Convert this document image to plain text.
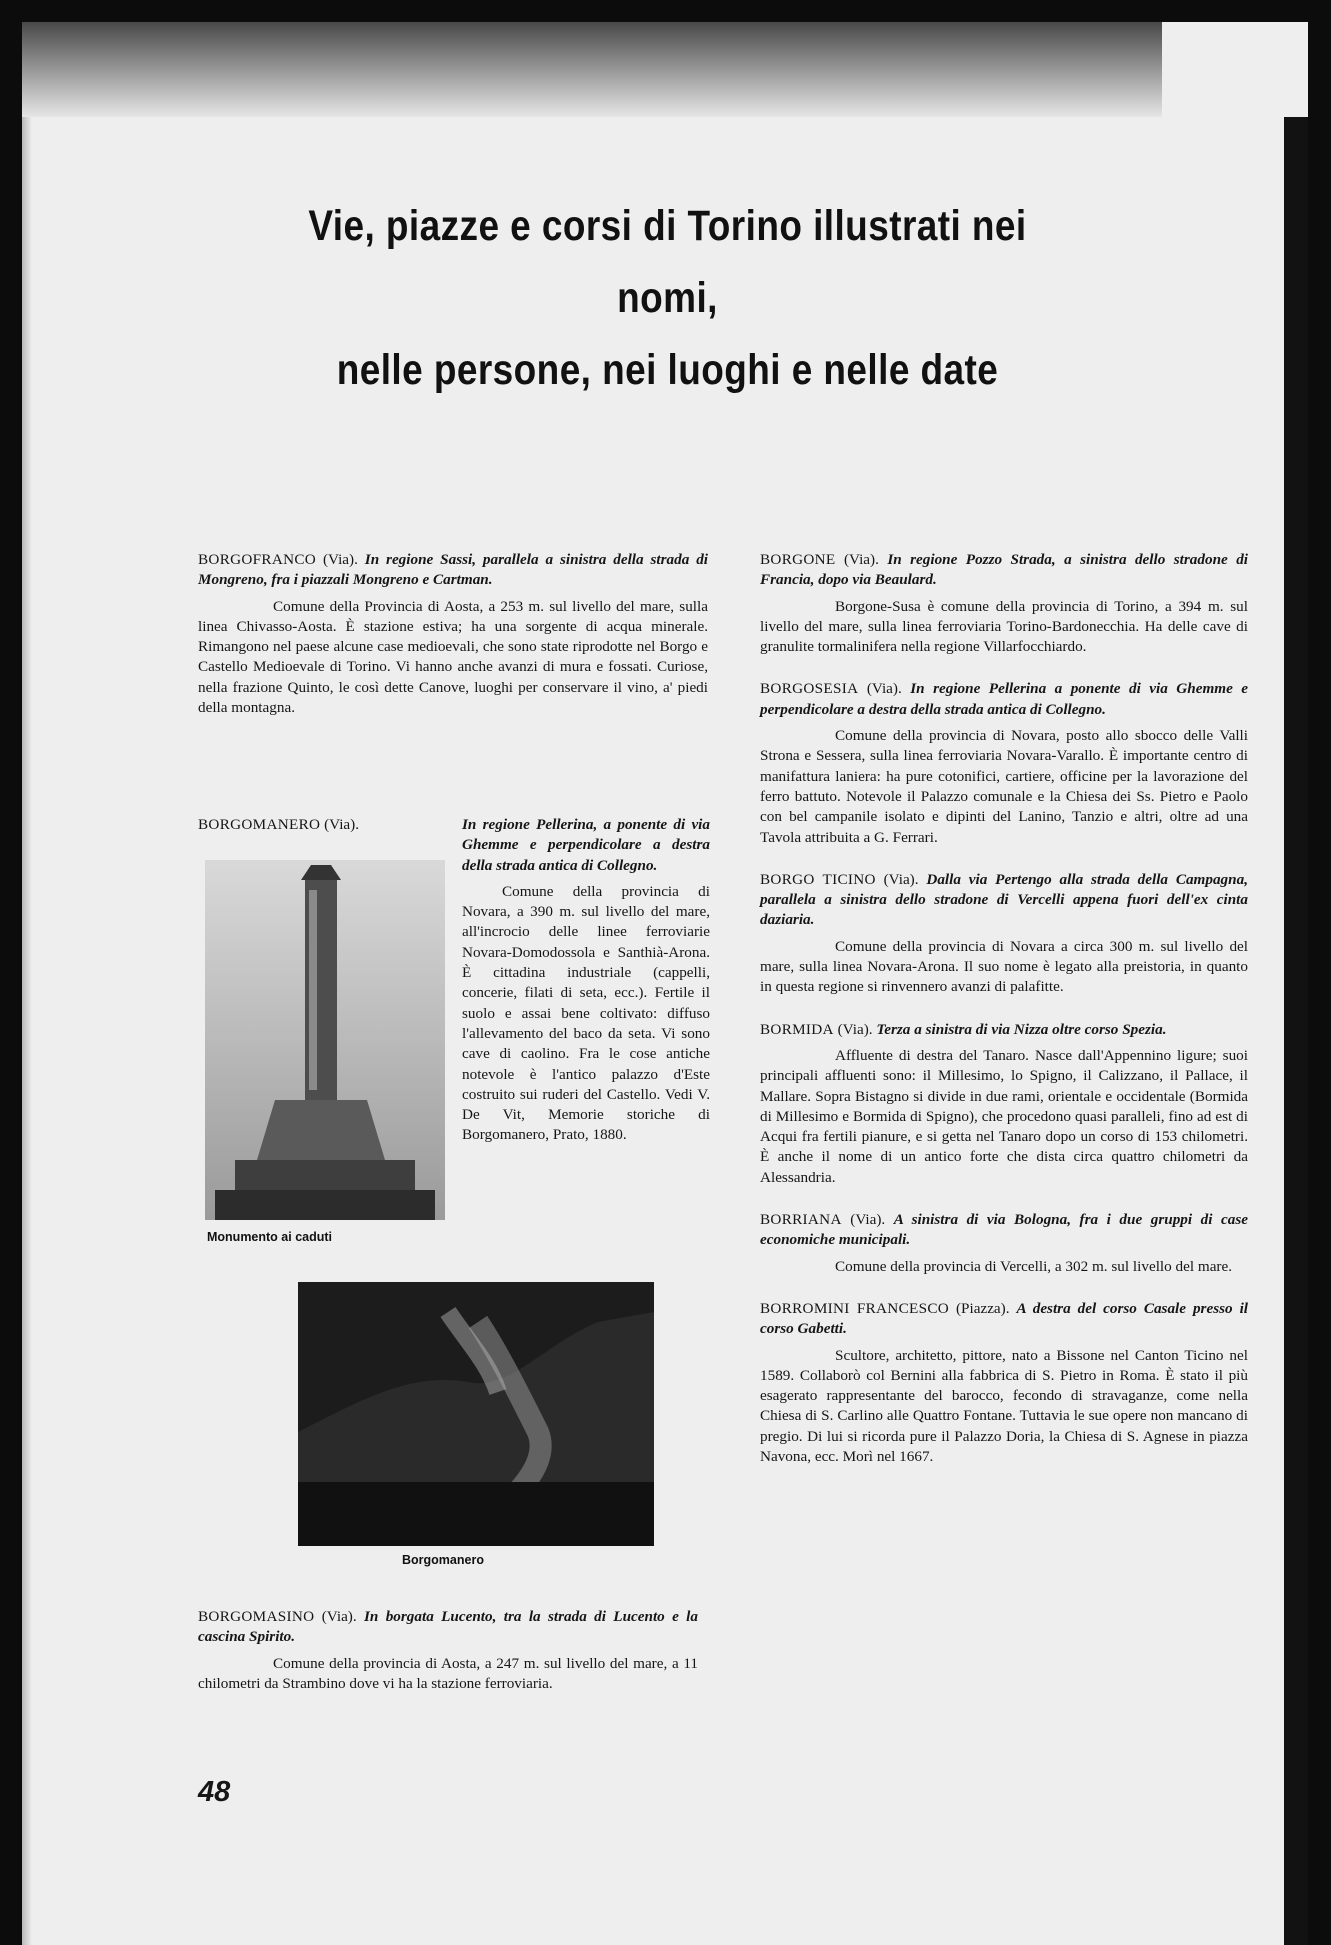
Vie, piazze e corsi di Torino illustrati nei nomi,
nelle persone, nei luoghi e nelle date

BORGOFRANCO (Via). In regione Sassi, parallela a sinistra della strada di Mongreno, fra i piazzali Mongreno e Cartman.

Comune della Provincia di Aosta, a 253 m. sul livello del mare, sulla linea Chivasso-Aosta. È stazione estiva; ha una sorgente di acqua minerale. Rimangono nel paese alcune case medioevali, che sono state riprodotte nel Borgo e Castello Medioevale di Torino. Vi hanno anche avanzi di mura e fossati. Curiose, nella frazione Quinto, le così dette Canove, luoghi per conservare il vino, a' piedi della montagna.

BORGOMANERO (Via).	In regione Pellerina, a ponente di via Ghemme e perpendicolare a destra della strada antica di Collegno.

Comune della provincia di Novara, a 390 m. sul livello del mare, all'incrocio delle linee ferroviarie Novara-Domodossola e Santhià-Arona. È cittadina industriale (cappelli, concerie, filati di seta, ecc.). Fertile il suolo e assai bene coltivato: diffuso l'allevamento del baco da seta. Vi sono cave di caolino. Fra le cose antiche notevole è l'antico palazzo d'Este costruito sui ruderi del Castello. Vedi V. De Vit, Memorie storiche di Borgomanero, Prato, 1880.

Monumento ai caduti
Borgomanero

BORGOMASINO (Via). In borgata Lucento, tra la strada di Lucento e la cascina Spirito.

Comune della provincia di Aosta, a 247 m. sul livello del mare, a 11 chilometri da Strambino dove vi ha la stazione ferroviaria.

48

BORGONE (Via). In regione Pozzo Strada, a sinistra dello stradone di Francia, dopo via Beaulard.

Borgone-Susa è comune della provincia di Torino, a 394 m. sul livello del mare, sulla linea ferroviaria Torino-Bardonecchia. Ha delle cave di granulite tormalinifera nella regione Villarfocchiardo.

BORGOSESIA (Via). In regione Pellerina a ponente di via Ghemme e perpendicolare a destra della strada antica di Collegno.

Comune della provincia di Novara, posto allo sbocco delle Valli Strona e Sessera, sulla linea ferroviaria Novara-Varallo. È importante centro di manifattura laniera: ha pure cotonifici, cartiere, officine per la lavorazione del ferro battuto. Notevole il Palazzo comunale e la Chiesa dei Ss. Pietro e Paolo con bel campanile isolato e dipinti del Lanino, Tanzio e altri, oltre ad una Tavola attribuita a G. Ferrari.

BORGO TICINO (Via). Dalla via Pertengo alla strada della Campagna, parallela a sinistra dello stradone di Vercelli appena fuori dell'ex cinta daziaria.

Comune della provincia di Novara a circa 300 m. sul livello del mare, sulla linea Novara-Arona. Il suo nome è legato alla preistoria, in quanto in questa regione si rinvennero avanzi di palafitte.

BORMIDA (Via). Terza a sinistra di via Nizza oltre corso Spezia.

Affluente di destra del Tanaro. Nasce dall'Appennino ligure; suoi principali affluenti sono: il Millesimo, lo Spigno, il Calizzano, il Pallace, il Mallare. Sopra Bistagno si divide in due rami, orientale e occidentale (Bormida di Millesimo e Bormida di Spigno), che procedono quasi paralleli, fino ad est di Acqui fra fertili pianure, e si getta nel Tanaro dopo un corso di 153 chilometri. È anche il nome di un antico forte che dista circa quattro chilometri da Alessandria.

BORRIANA (Via). A sinistra di via Bologna, fra i due gruppi di case economiche municipali.

Comune della provincia di Vercelli, a 302 m. sul livello del mare.

BORROMINI FRANCESCO (Piazza). A destra del corso Casale presso il corso Gabetti.

Scultore, architetto, pittore, nato a Bissone nel Canton Ticino nel 1589. Collaborò col Bernini alla fabbrica di S. Pietro in Roma. È stato il più esagerato rappresentante del barocco, fecondo di stravaganze, come nella Chiesa di S. Carlino alle Quattro Fontane. Tuttavia le sue opere non mancano di pregio. Di lui si ricorda pure il Palazzo Doria, la Chiesa di S. Agnese in piazza Navona, ecc. Morì nel 1667.
